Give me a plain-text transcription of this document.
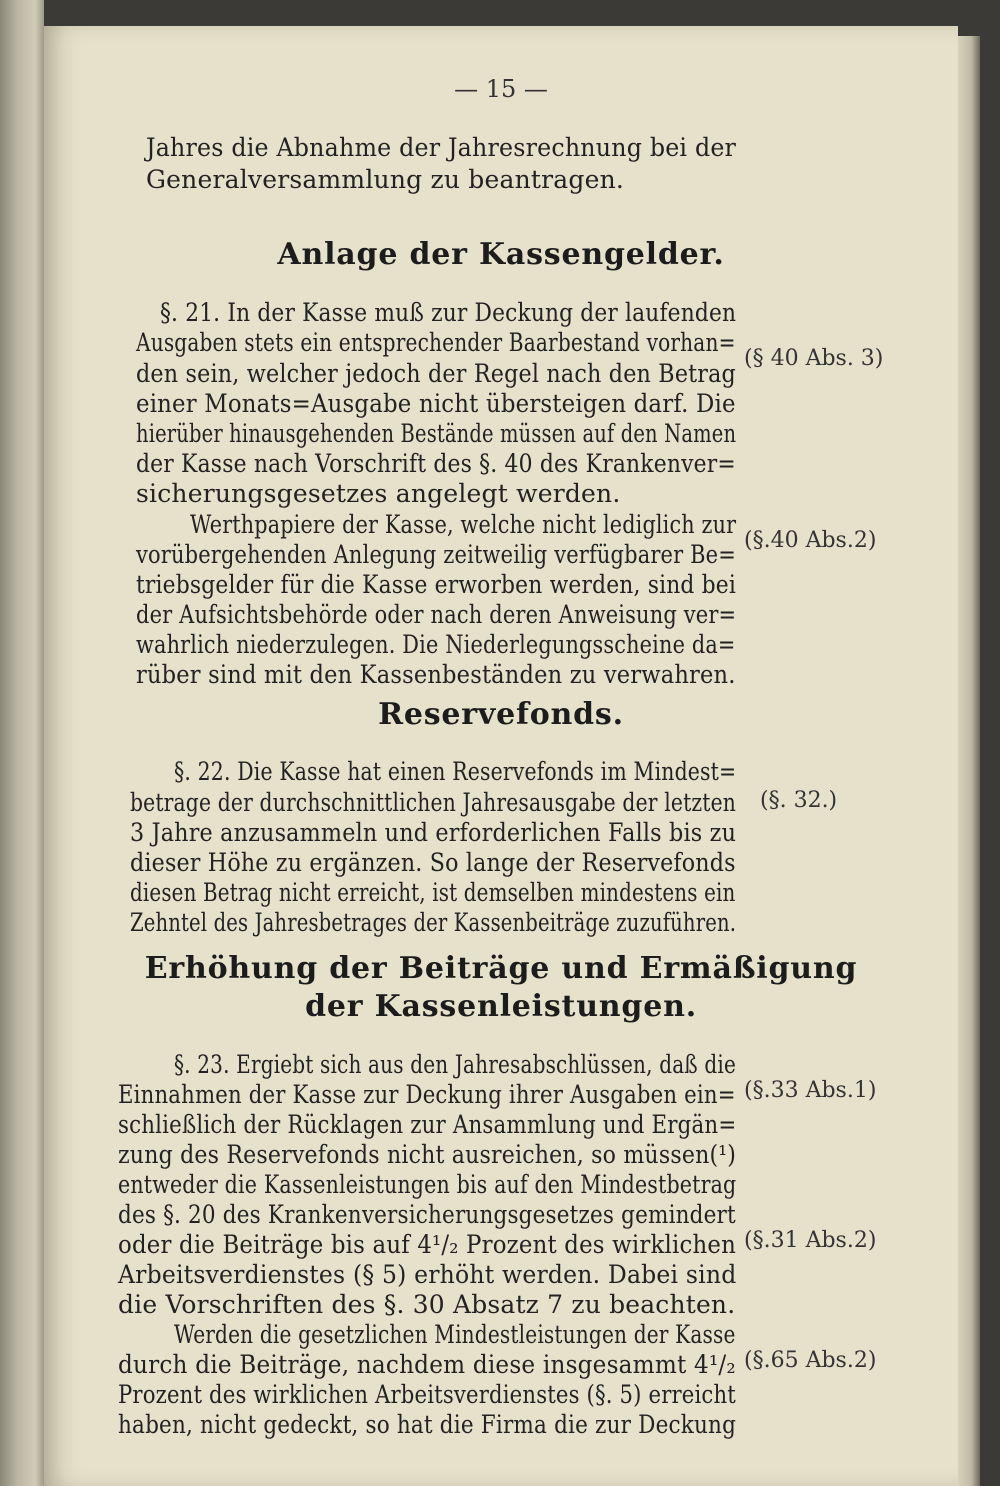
— 15 —
Jahres die Abnahme der Jahresrechnung bei der
Generalversammlung zu beantragen.
Anlage der Kassengelder.
§. 21. In der Kasse muß zur Deckung der laufenden
Ausgaben stets ein entsprechender Baarbestand vorhan=
den sein, welcher jedoch der Regel nach den Betrag
einer Monats=Ausgabe nicht übersteigen darf. Die
hierüber hinausgehenden Bestände müssen auf den Namen
der Kasse nach Vorschrift des §. 40 des Krankenver=
sicherungsgesetzes angelegt werden.
Werthpapiere der Kasse, welche nicht lediglich zur
vorübergehenden Anlegung zeitweilig verfügbarer Be=
triebsgelder für die Kasse erworben werden, sind bei
der Aufsichtsbehörde oder nach deren Anweisung ver=
wahrlich niederzulegen. Die Niederlegungsscheine da=
rüber sind mit den Kassenbeständen zu verwahren.
Reservefonds.
§. 22. Die Kasse hat einen Reservefonds im Mindest=
betrage der durchschnittlichen Jahresausgabe der letzten
3 Jahre anzusammeln und erforderlichen Falls bis zu
dieser Höhe zu ergänzen. So lange der Reservefonds
diesen Betrag nicht erreicht, ist demselben mindestens ein
Zehntel des Jahresbetrages der Kassenbeiträge zuzuführen.
Erhöhung der Beiträge und Ermäßigung
der Kassenleistungen.
§. 23. Ergiebt sich aus den Jahresabschlüssen, daß die
Einnahmen der Kasse zur Deckung ihrer Ausgaben ein=
schließlich der Rücklagen zur Ansammlung und Ergän=
zung des Reservefonds nicht ausreichen, so müssen(¹)
entweder die Kassenleistungen bis auf den Mindestbetrag
des §. 20 des Krankenversicherungsgesetzes gemindert
oder die Beiträge bis auf 4¹/₂ Prozent des wirklichen
Arbeitsverdienstes (§ 5) erhöht werden. Dabei sind
die Vorschriften des §. 30 Absatz 7 zu beachten.
Werden die gesetzlichen Mindestleistungen der Kasse
durch die Beiträge, nachdem diese insgesammt 4¹/₂
Prozent des wirklichen Arbeitsverdienstes (§. 5) erreicht
haben, nicht gedeckt, so hat die Firma die zur Deckung
(§ 40 Abs. 3)
(§.40 Abs.2)
(§. 32.)
(§.33 Abs.1)
(§.31 Abs.2)
(§.65 Abs.2)
